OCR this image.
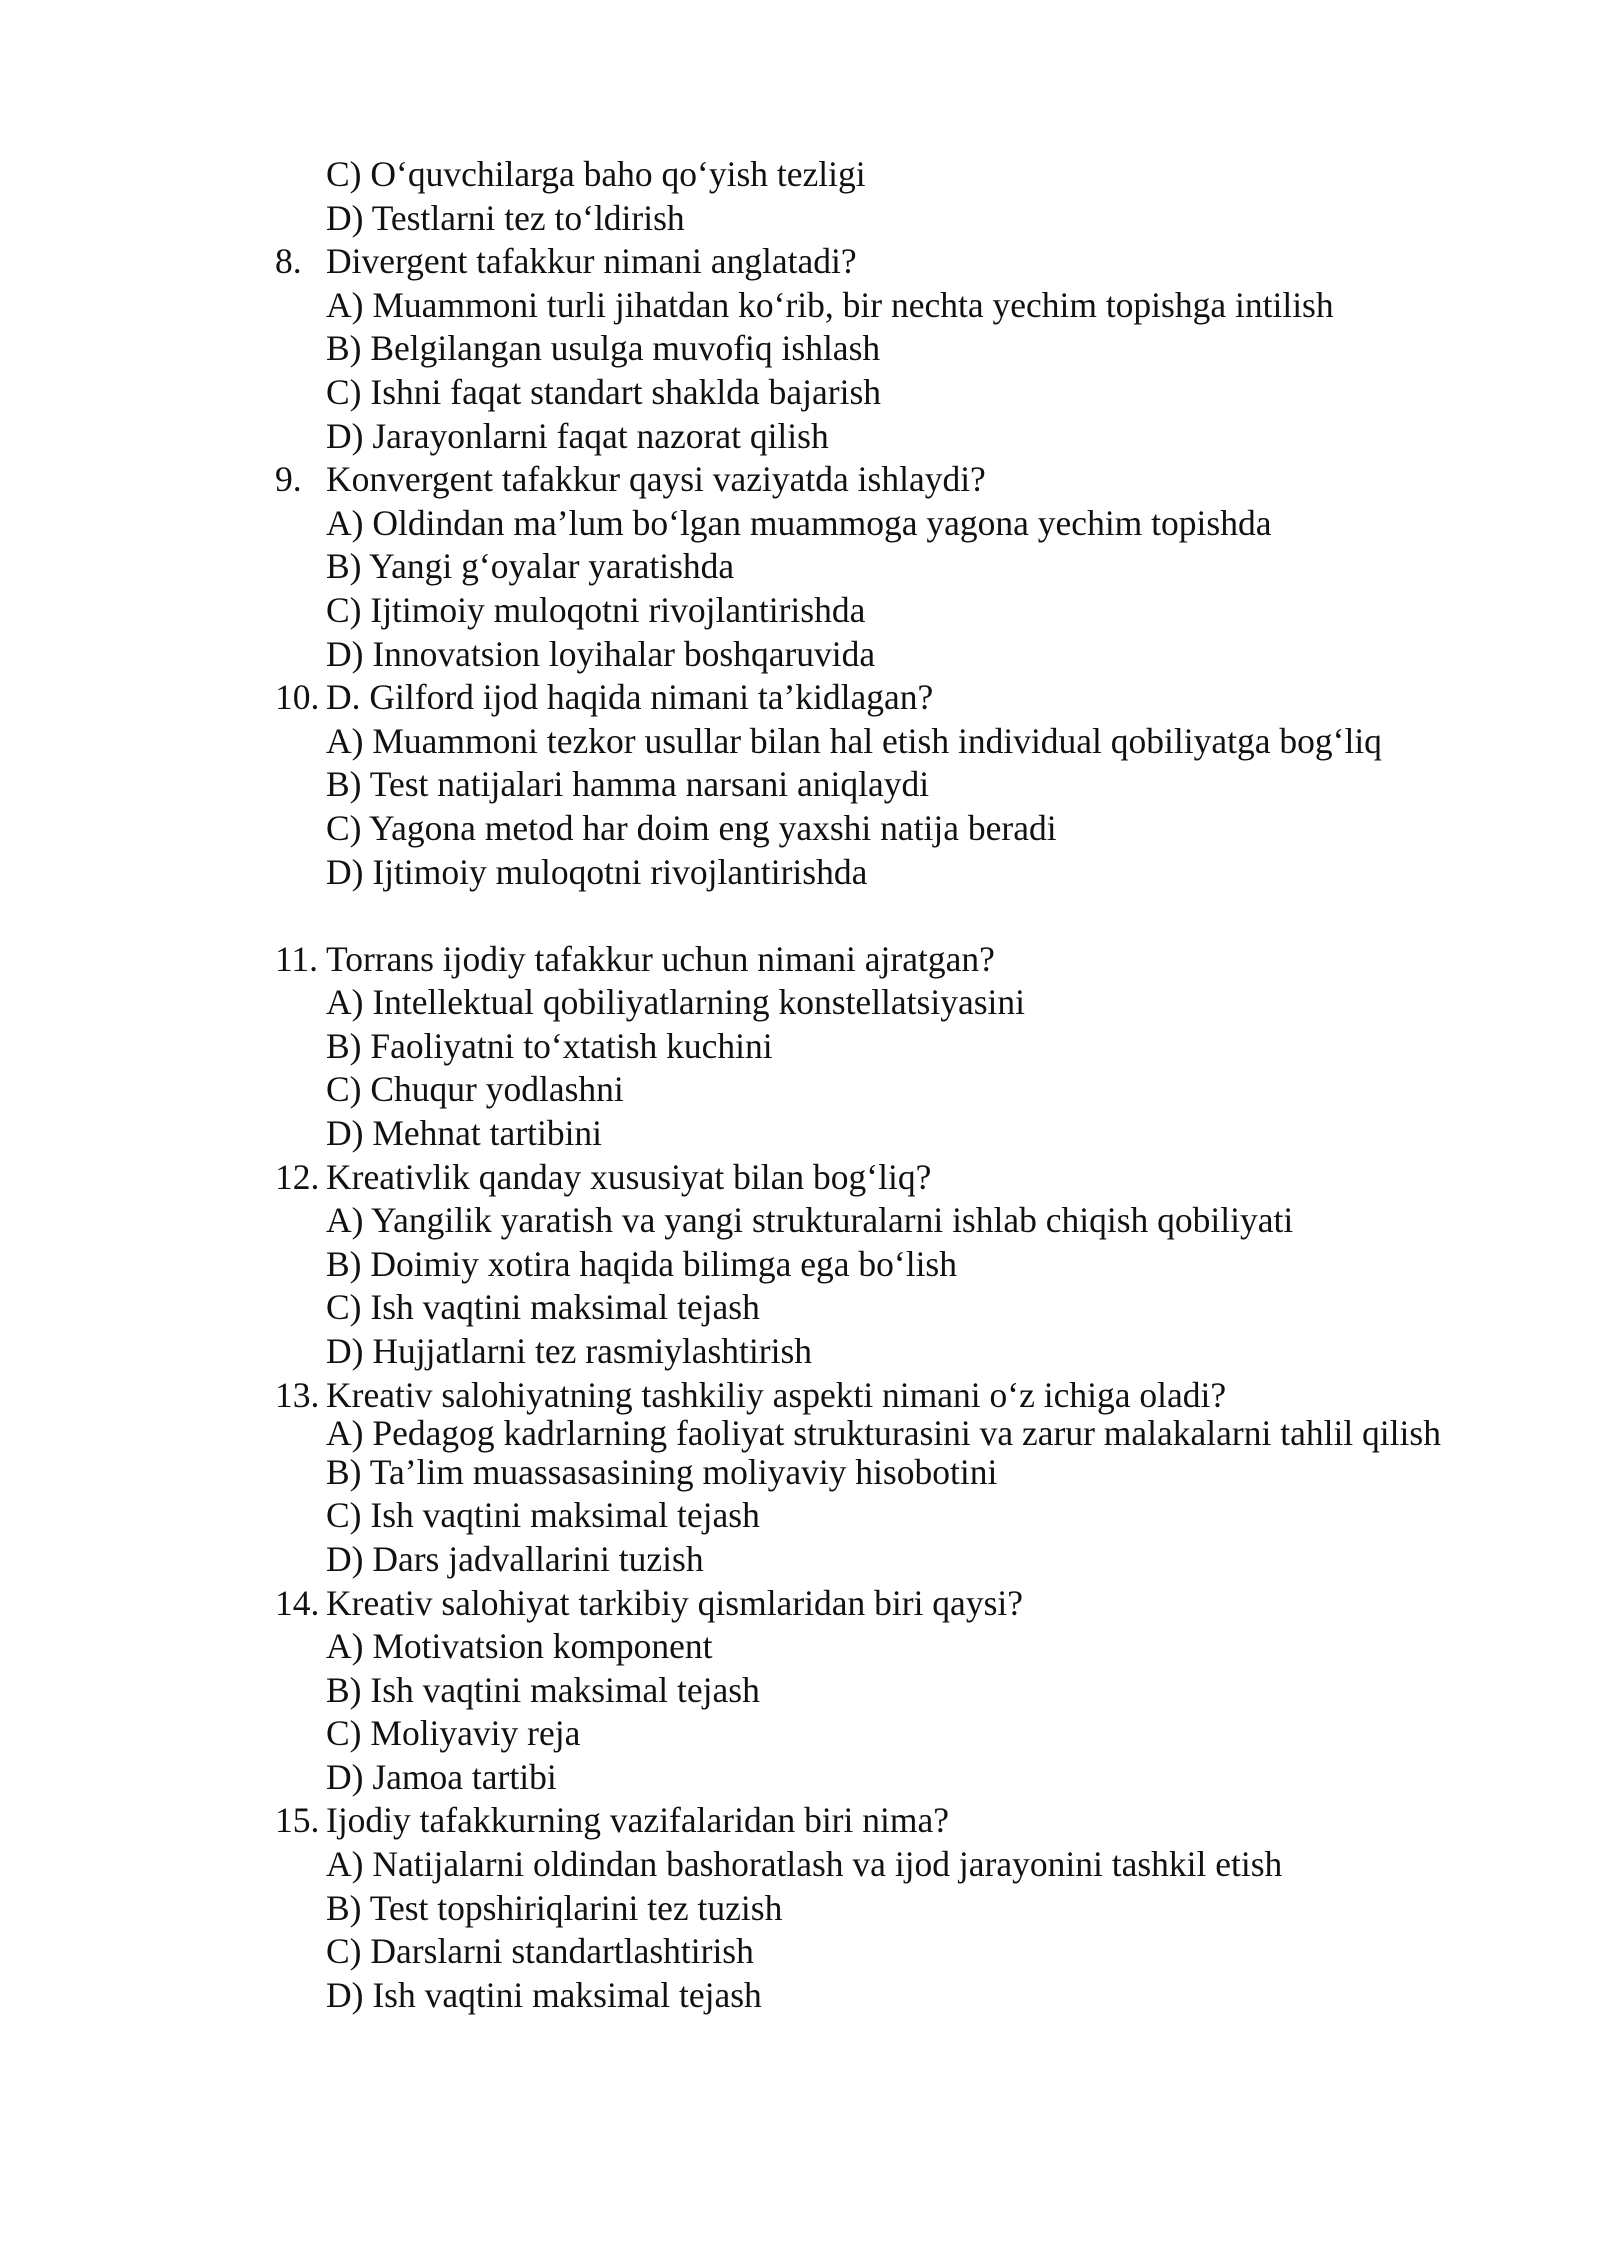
C) O‘quvchilarga baho qo‘yish tezligi
D) Testlarni tez to‘ldirish
8. Divergent tafakkur nimani anglatadi?
A) Muammoni turli jihatdan ko‘rib, bir nechta yechim topishga intilish
B) Belgilangan usulga muvofiq ishlash
C) Ishni faqat standart shaklda bajarish
D) Jarayonlarni faqat nazorat qilish
9. Konvergent tafakkur qaysi vaziyatda ishlaydi?
A) Oldindan ma’lum bo‘lgan muammoga yagona yechim topishda
B) Yangi g‘oyalar yaratishda
C) Ijtimoiy muloqotni rivojlantirishda
D) Innovatsion loyihalar boshqaruvida
10. D. Gilford ijod haqida nimani ta’kidlagan?
A) Muammoni tezkor usullar bilan hal etish individual qobiliyatga bog‘liq
B) Test natijalari hamma narsani aniqlaydi
C) Yagona metod har doim eng yaxshi natija beradi
D) Ijtimoiy muloqotni rivojlantirishda
11. Torrans ijodiy tafakkur uchun nimani ajratgan?
A) Intellektual qobiliyatlarning konstellatsiyasini
B) Faoliyatni to‘xtatish kuchini
C) Chuqur yodlashni
D) Mehnat tartibini
12. Kreativlik qanday xususiyat bilan bog‘liq?
A) Yangilik yaratish va yangi strukturalarni ishlab chiqish qobiliyati
B) Doimiy xotira haqida bilimga ega bo‘lish
C) Ish vaqtini maksimal tejash
D) Hujjatlarni tez rasmiylashtirish
13. Kreativ salohiyatning tashkiliy aspekti nimani o‘z ichiga oladi?
A) Pedagog kadrlarning faoliyat strukturasini va zarur malakalarni tahlil qilish
B) Ta’lim muassasasining moliyaviy hisobotini
C) Ish vaqtini maksimal tejash
D) Dars jadvallarini tuzish
14. Kreativ salohiyat tarkibiy qismlaridan biri qaysi?
A) Motivatsion komponent
B) Ish vaqtini maksimal tejash
C) Moliyaviy reja
D) Jamoa tartibi
15. Ijodiy tafakkurning vazifalaridan biri nima?
A) Natijalarni oldindan bashoratlash va ijod jarayonini tashkil etish
B) Test topshiriqlarini tez tuzish
C) Darslarni standartlashtirish
D) Ish vaqtini maksimal tejash
